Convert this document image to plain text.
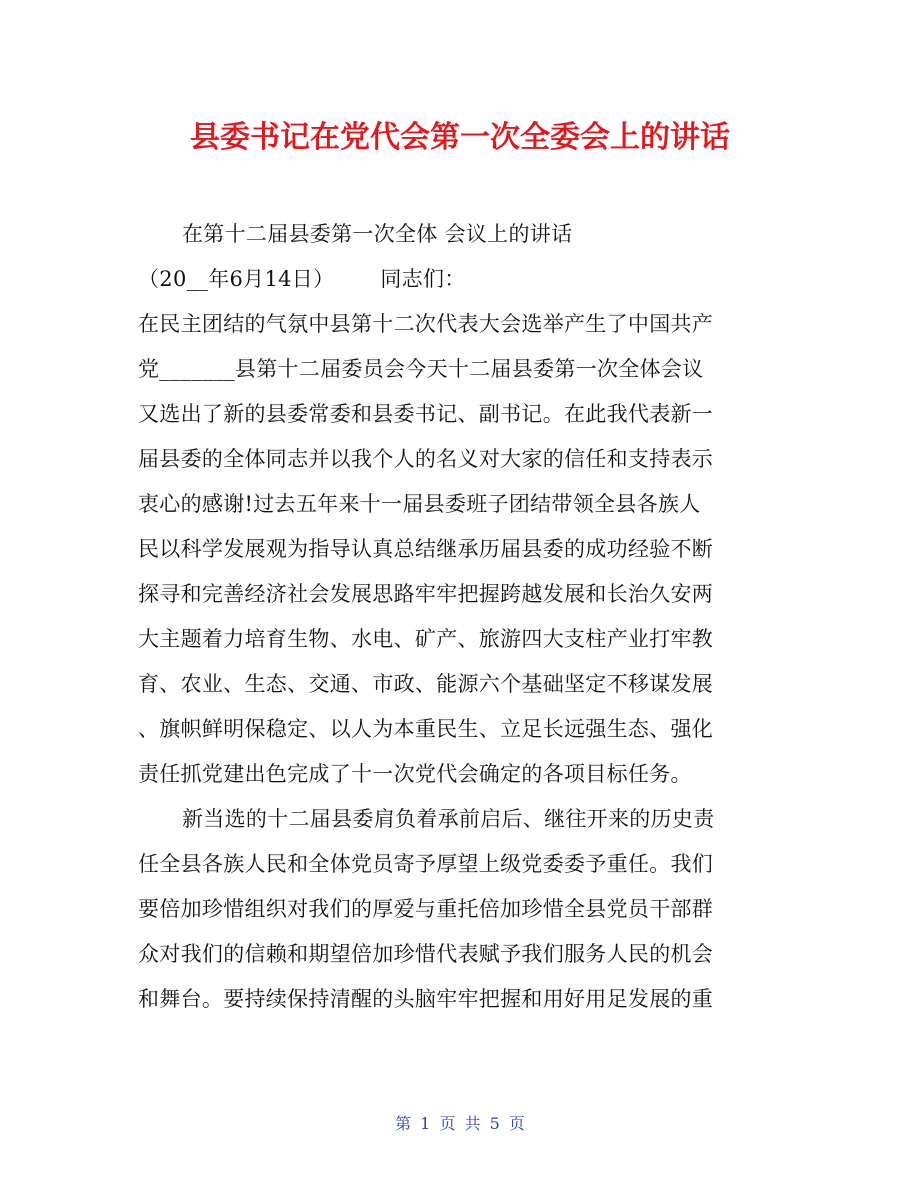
县委书记在党代会第一次全委会上的讲话
在第十二届县委第一次全体 会议上的讲话
（20__年6月14日） 同志们：
在民主团结的气氛中县第十二次代表大会选举产生了中国共产
党_______县第十二届委员会今天十二届县委第一次全体会议
又选出了新的县委常委和县委书记、副书记。在此我代表新一
届县委的全体同志并以我个人的名义对大家的信任和支持表示
衷心的感谢!过去五年来十一届县委班子团结带领全县各族人
民以科学发展观为指导认真总结继承历届县委的成功经验不断
探寻和完善经济社会发展思路牢牢把握跨越发展和长治久安两
大主题着力培育生物、水电、矿产、旅游四大支柱产业打牢教
育、农业、生态、交通、市政、能源六个基础坚定不移谋发展
、旗帜鲜明保稳定、以人为本重民生、立足长远强生态、强化
责任抓党建出色完成了十一次党代会确定的各项目标任务。
新当选的十二届县委肩负着承前启后、继往开来的历史责
任全县各族人民和全体党员寄予厚望上级党委委予重任。我们
要倍加珍惜组织对我们的厚爱与重托倍加珍惜全县党员干部群
众对我们的信赖和期望倍加珍惜代表赋予我们服务人民的机会
和舞台。要持续保持清醒的头脑牢牢把握和用好用足发展的重
第 1 页 共 5 页
